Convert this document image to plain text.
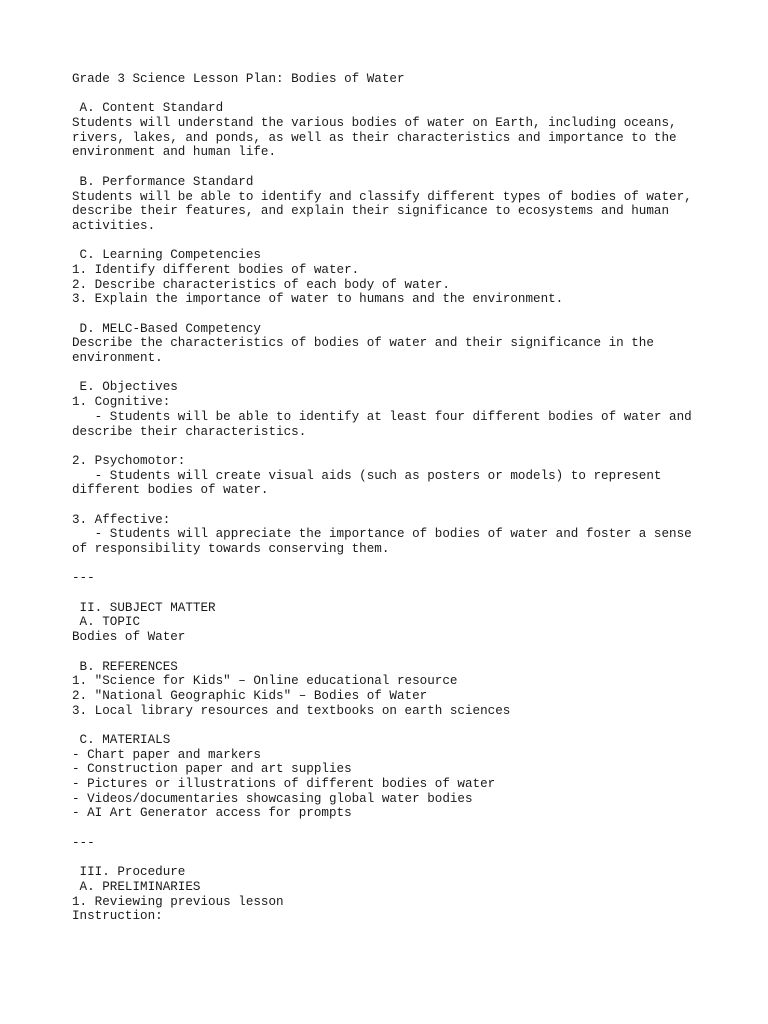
Grade 3 Science Lesson Plan: Bodies of Water
A. Content Standard
Students will understand the various bodies of water on Earth, including oceans,
rivers, lakes, and ponds, as well as their characteristics and importance to the
environment and human life.
B. Performance Standard
Students will be able to identify and classify different types of bodies of water,
describe their features, and explain their significance to ecosystems and human
activities.
C. Learning Competencies
1. Identify different bodies of water.
2. Describe characteristics of each body of water.
3. Explain the importance of water to humans and the environment.
D. MELC-Based Competency
Describe the characteristics of bodies of water and their significance in the
environment.
E. Objectives
1. Cognitive:
- Students will be able to identify at least four different bodies of water and
describe their characteristics.
2. Psychomotor:
- Students will create visual aids (such as posters or models) to represent
different bodies of water.
3. Affective:
- Students will appreciate the importance of bodies of water and foster a sense
of responsibility towards conserving them.
---
II. SUBJECT MATTER
A. TOPIC
Bodies of Water
B. REFERENCES
1. "Science for Kids" – Online educational resource
2. "National Geographic Kids" – Bodies of Water
3. Local library resources and textbooks on earth sciences
C. MATERIALS
- Chart paper and markers
- Construction paper and art supplies
- Pictures or illustrations of different bodies of water
- Videos/documentaries showcasing global water bodies
- AI Art Generator access for prompts
---
III. Procedure
A. PRELIMINARIES
1. Reviewing previous lesson
Instruction:
